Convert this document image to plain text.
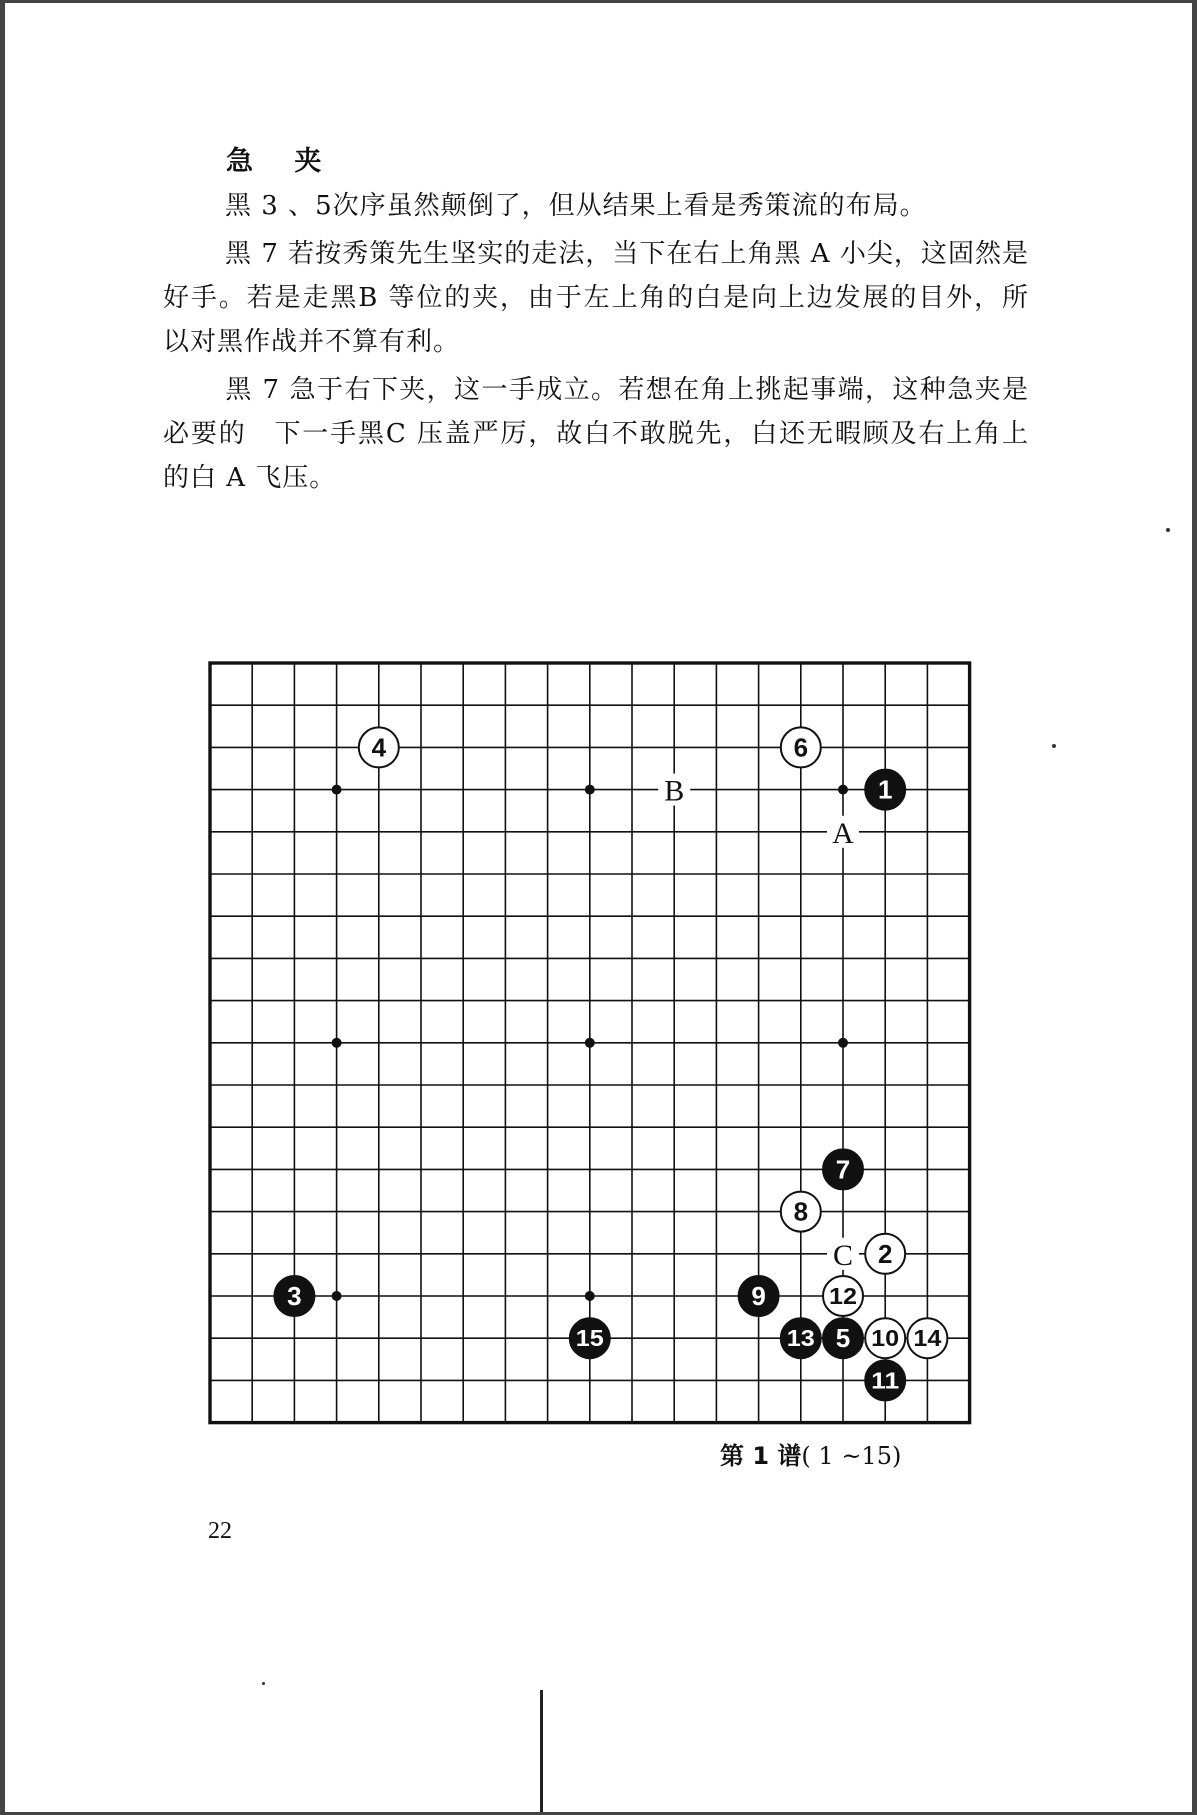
急 夹
黑 3 、5次序虽然颠倒了，但从结果上看是秀策流的布局。
黑 7 若按秀策先生坚实的走法，当下在右上角黑 A 小尖，这固然是好手。若是走黑B 等位的夹，由于左上角的白是向上边发展的目外，所以对黑作战并不算有利。
黑 7 急于右下夹，这一手成立。若想在角上挑起事端，这种急夹是必要的　下一手黑C 压盖严厉，故白不敢脱先，白还无暇顾及右上角上的白 A 飞压。
A
B
C
1
2
3
4
5
6
7
8
9
10
11
12
13	14
15
第 1 谱( 1 ~15)
22
